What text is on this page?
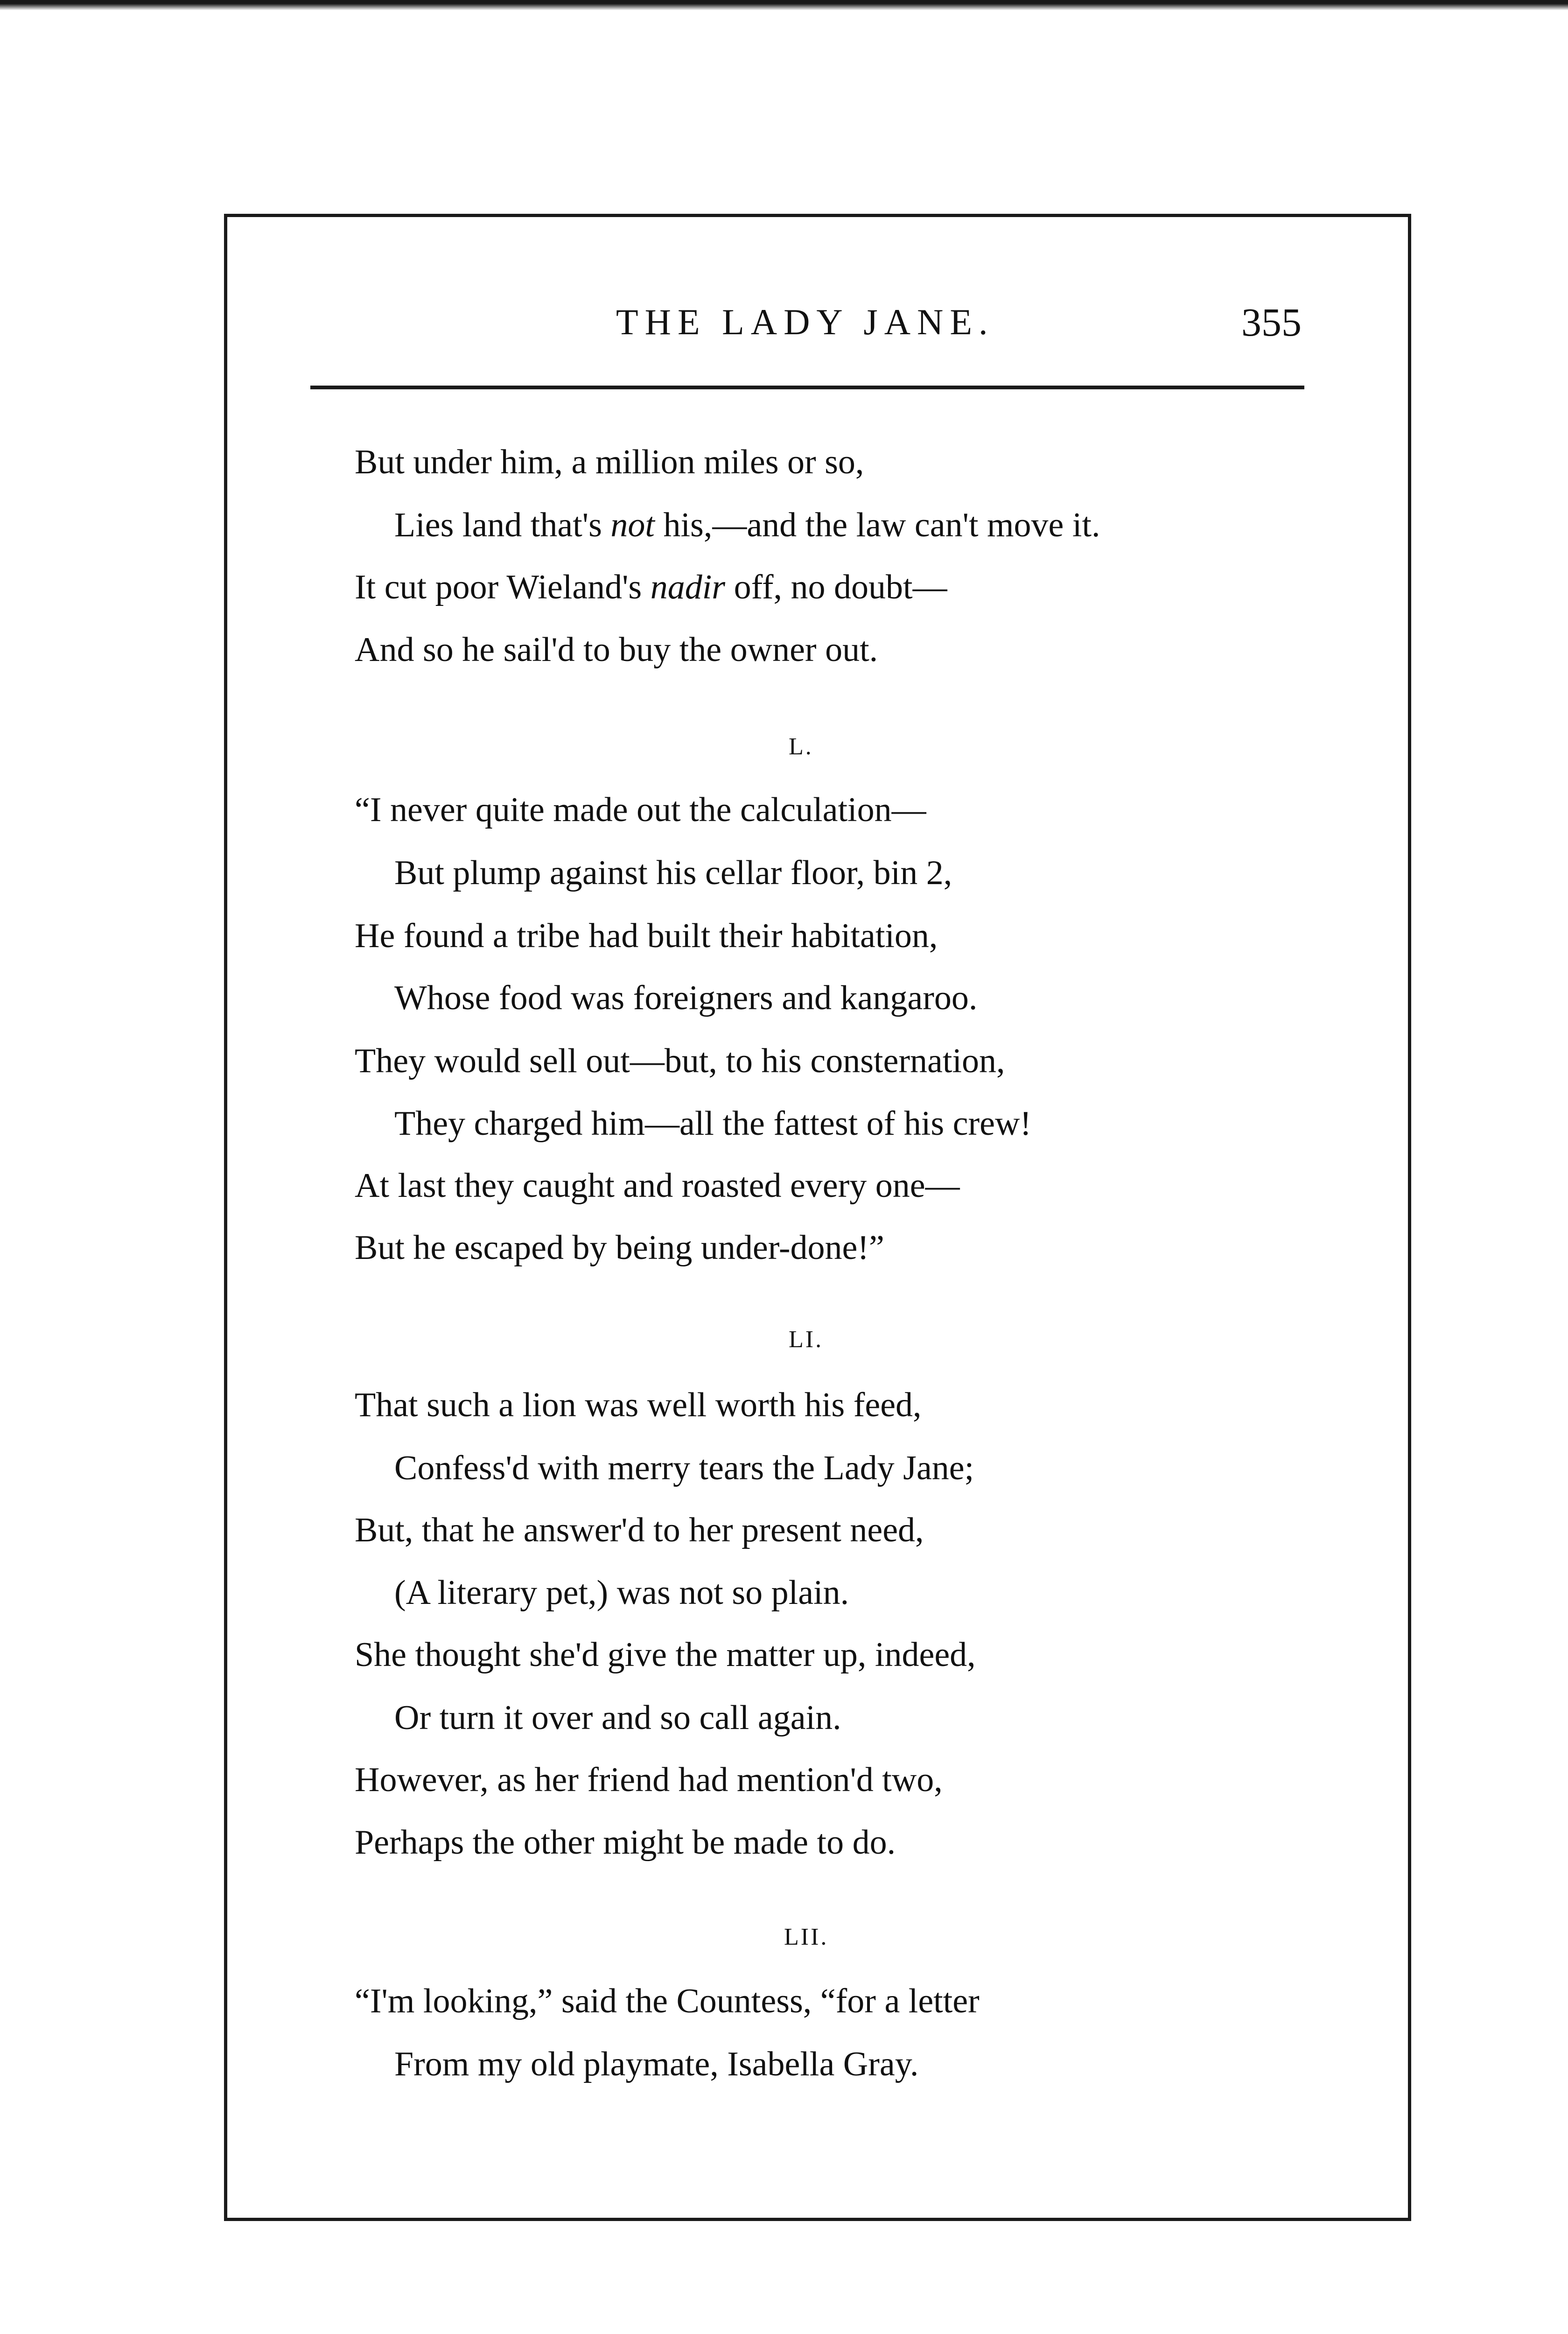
THE LADY JANE.	355
But under him, a million miles or so,
Lies land that's not his,—and the law can't move it.
It cut poor Wieland's nadir off, no doubt—
And so he sail'd to buy the owner out.
L.
“I never quite made out the calculation—
But plump against his cellar floor, bin 2,
He found a tribe had built their habitation,
Whose food was foreigners and kangaroo.
They would sell out—but, to his consternation,
They charged him—all the fattest of his crew!
At last they caught and roasted every one—
But he escaped by being under-done!”
LI.
That such a lion was well worth his feed,
Confess'd with merry tears the Lady Jane;
But, that he answer'd to her present need,
(A literary pet,) was not so plain.
She thought she'd give the matter up, indeed,
Or turn it over and so call again.
However, as her friend had mention'd two,
Perhaps the other might be made to do.
LII.
“I'm looking,” said the Countess, “for a letter
From my old playmate, Isabella Gray.
